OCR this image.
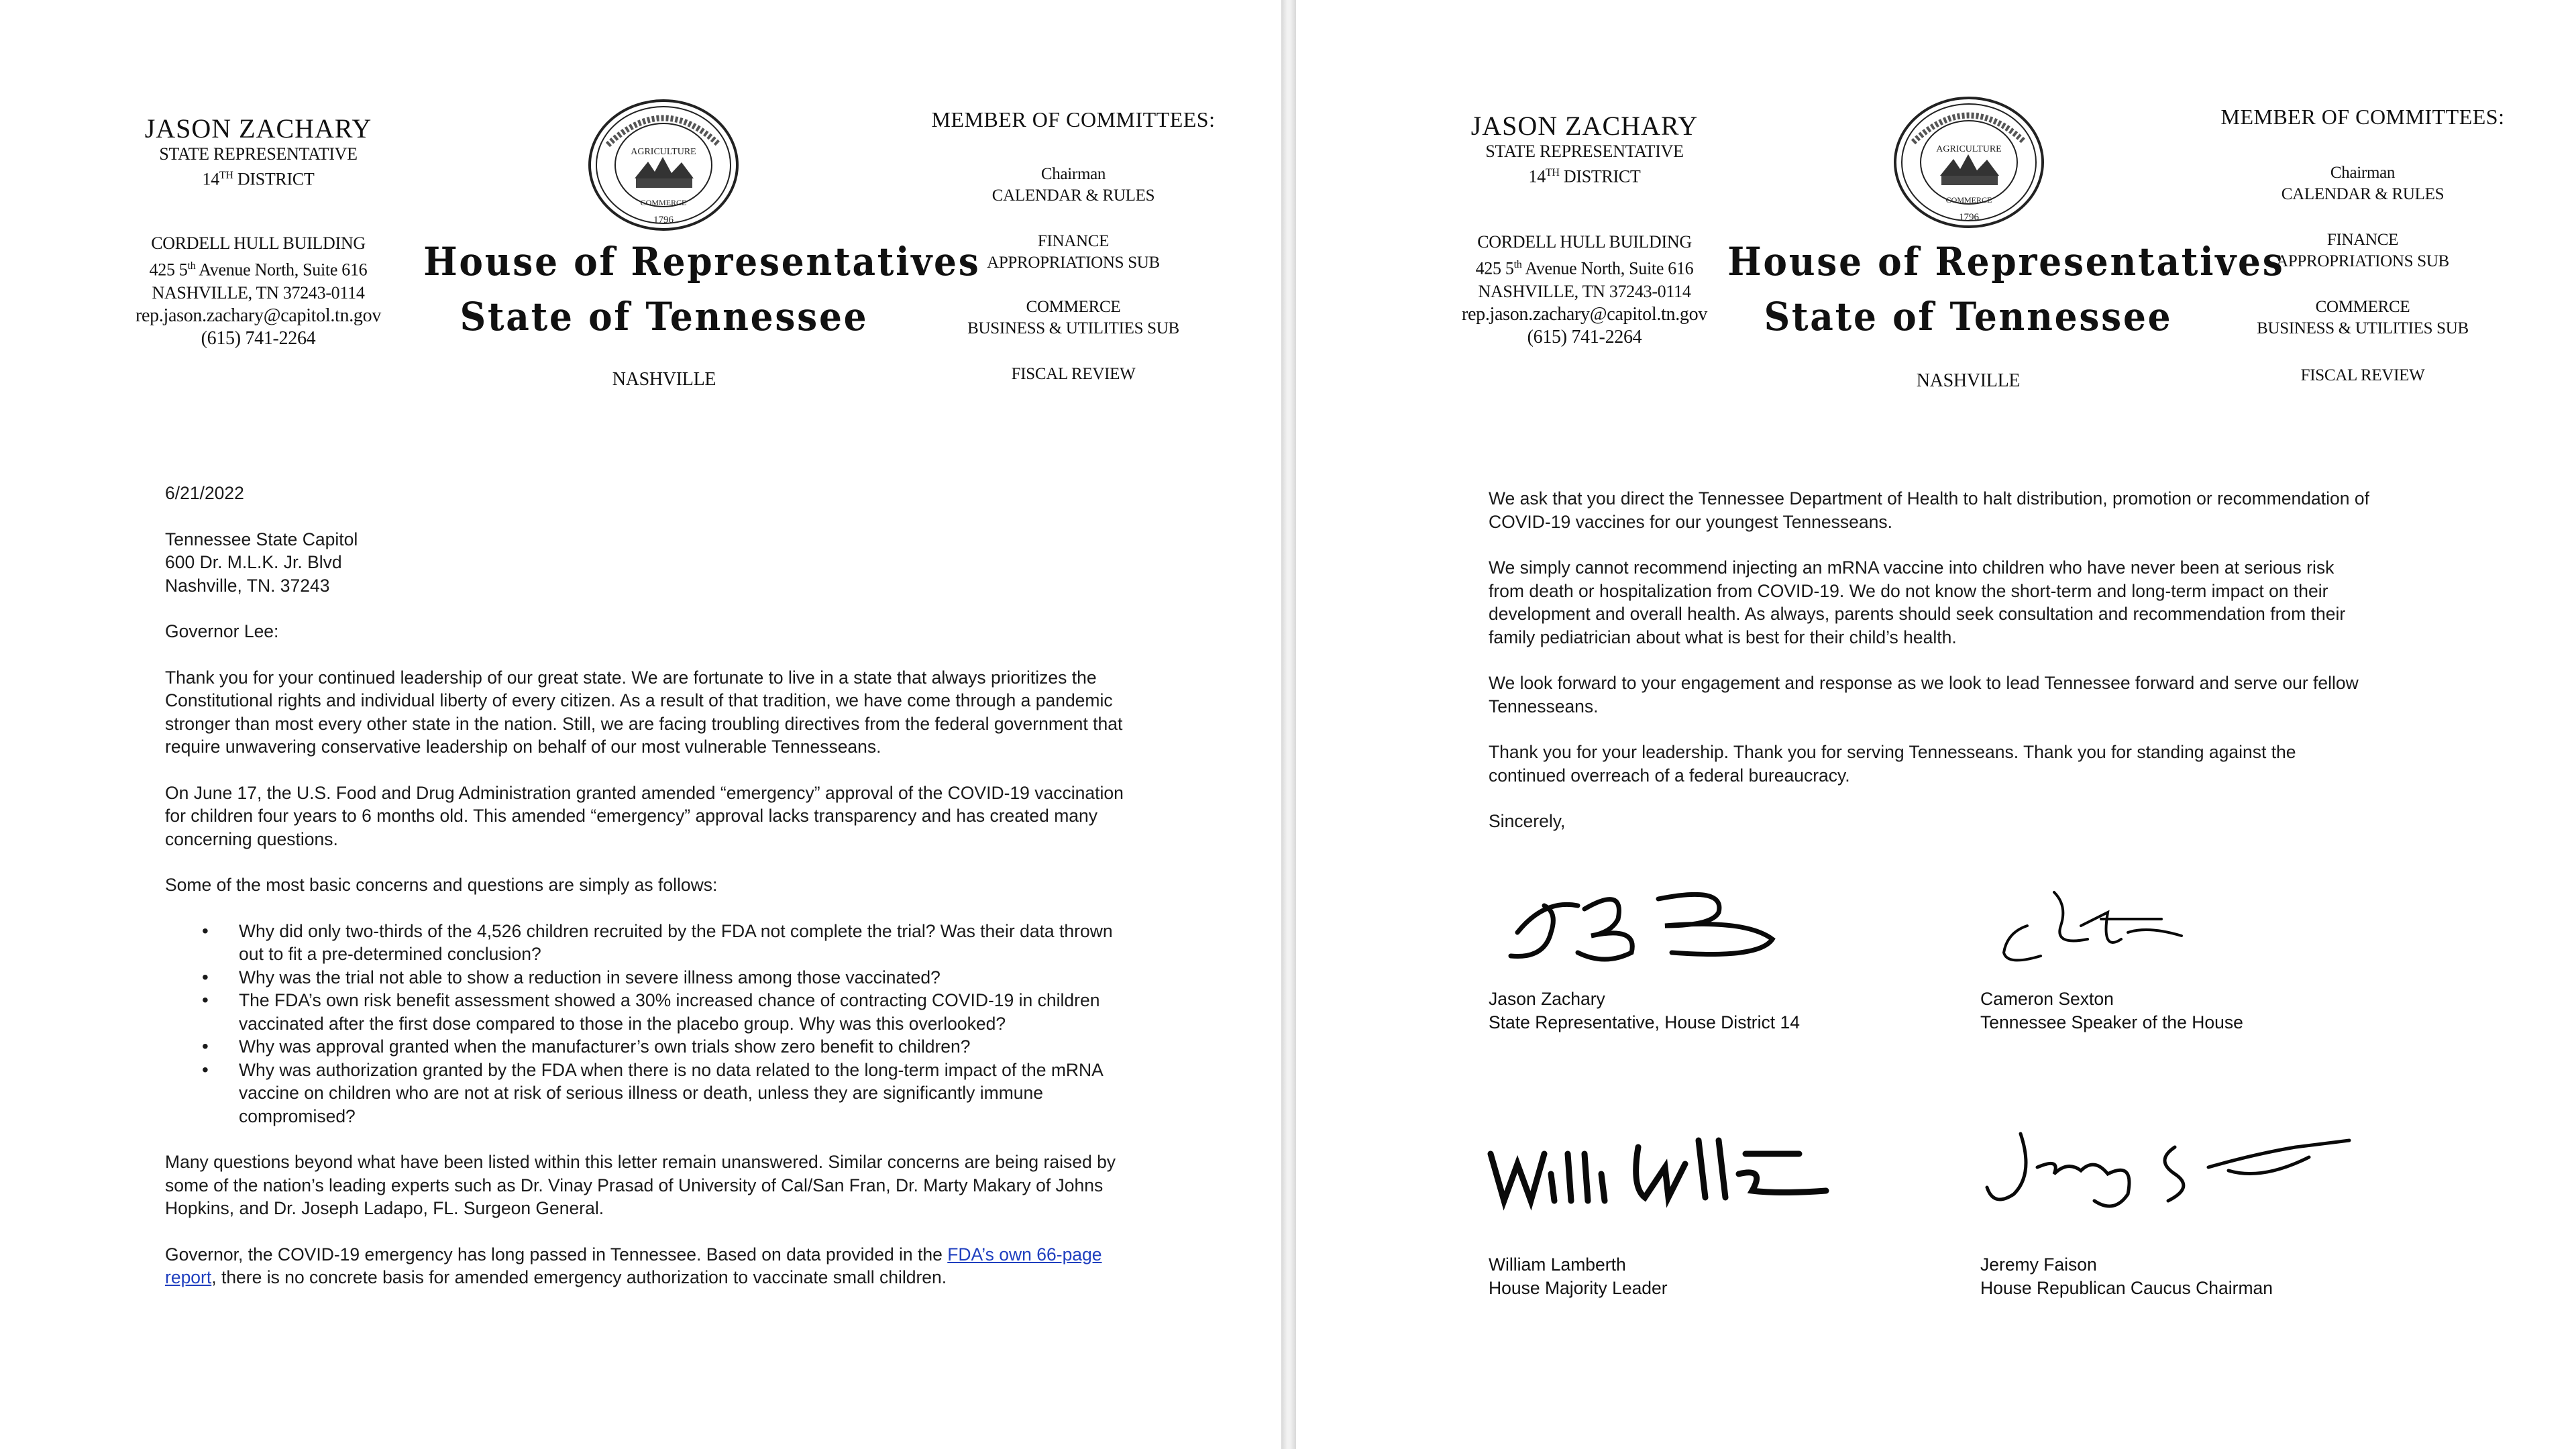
JASON ZACHARY
STATE REPRESENTATIVE
14TH DISTRICT
CORDELL HULL BUILDING
425 5th Avenue North, Suite 616
NASHVILLE, TN 37243-0114
rep.jason.zachary@capitol.tn.gov
(615) 741-2264
AGRICULTURE
COMMERCE
1796
House of Representatives
State of Tennessee
NASHVILLE
MEMBER OF COMMITTEES:
Chairman
CALENDAR & RULES
FINANCE
APPROPRIATIONS SUB
COMMERCE
BUSINESS & UTILITIES SUB
FISCAL REVIEW

6/21/2022

Tennessee State Capitol

600 Dr. M.L.K. Jr. Blvd

Nashville, TN. 37243

Governor Lee:

Thank you for your continued leadership of our great state. We are fortunate to live in a state that always prioritizes the Constitutional rights and individual liberty of every citizen. As a result of that tradition, we have come through a pandemic stronger than most every other state in the nation. Still, we are facing troubling directives from the federal government that require unwavering conservative leadership on behalf of our most vulnerable Tennesseans.

On June 17, the U.S. Food and Drug Administration granted amended “emergency” approval of the COVID-19 vaccination for children four years to 6 months old. This amended “emergency” approval lacks transparency and has created many concerning questions.

Some of the most basic concerns and questions are simply as follows:

• Why did only two-thirds of the 4,526 children recruited by the FDA not complete the trial? Was their data thrown out to fit a pre-determined conclusion?
• Why was the trial not able to show a reduction in severe illness among those vaccinated?
• The FDA’s own risk benefit assessment showed a 30% increased chance of contracting COVID-19 in children vaccinated after the first dose compared to those in the placebo group. Why was this overlooked?
• Why was approval granted when the manufacturer’s own trials show zero benefit to children?
• Why was authorization granted by the FDA when there is no data related to the long-term impact of the mRNA vaccine on children who are not at risk of serious illness or death, unless they are significantly immune compromised?

Many questions beyond what have been listed within this letter remain unanswered. Similar concerns are being raised by some of the nation’s leading experts such as Dr. Vinay Prasad of University of Cal/San Fran, Dr. Marty Makary of Johns Hopkins, and Dr. Joseph Ladapo, FL. Surgeon General.

Governor, the COVID-19 emergency has long passed in Tennessee. Based on data provided in the FDA’s own 66-page report, there is no concrete basis for amended emergency authorization to vaccinate small children.

JASON ZACHARY
STATE REPRESENTATIVE
14TH DISTRICT
CORDELL HULL BUILDING
425 5th Avenue North, Suite 616
NASHVILLE, TN 37243-0114
rep.jason.zachary@capitol.tn.gov
(615) 741-2264
AGRICULTURE
COMMERCE
1796
House of Representatives
State of Tennessee
NASHVILLE
MEMBER OF COMMITTEES:
Chairman
CALENDAR & RULES
FINANCE
APPROPRIATIONS SUB
COMMERCE
BUSINESS & UTILITIES SUB
FISCAL REVIEW

We ask that you direct the Tennessee Department of Health to halt distribution, promotion or recommendation of COVID-19 vaccines for our youngest Tennesseans.

We simply cannot recommend injecting an mRNA vaccine into children who have never been at serious risk from death or hospitalization from COVID-19. We do not know the short-term and long-term impact on their development and overall health. As always, parents should seek consultation and recommendation from their family pediatrician about what is best for their child’s health.

We look forward to your engagement and response as we look to lead Tennessee forward and serve our fellow Tennesseans.

Thank you for your leadership. Thank you for serving Tennesseans. Thank you for standing against the continued overreach of a federal bureaucracy.

Sincerely,

Jason Zachary
State Representative, House District 14
Cameron Sexton
Tennessee Speaker of the House
William Lamberth
House Majority Leader
Jeremy Faison
House Republican Caucus Chairman
